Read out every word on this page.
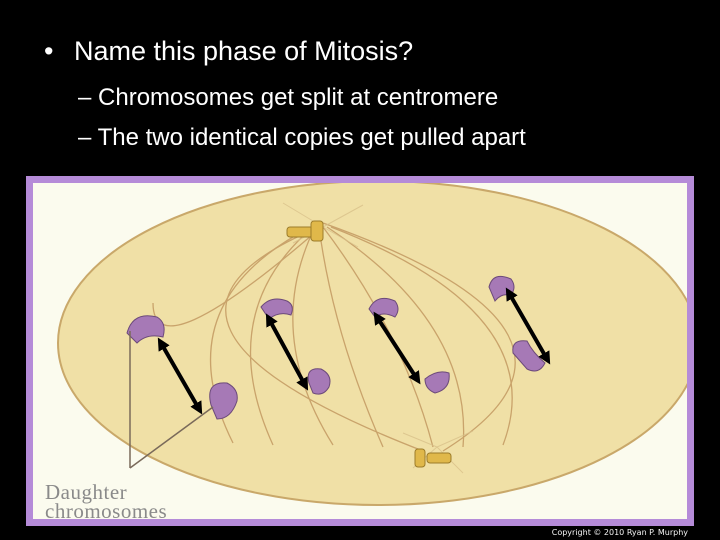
• Name this phase of Mitosis?
– Chromosomes get split at centromere
– The two identical copies get pulled apart
Daughter
chromosomes
Copyright © 2010 Ryan P. Murphy
